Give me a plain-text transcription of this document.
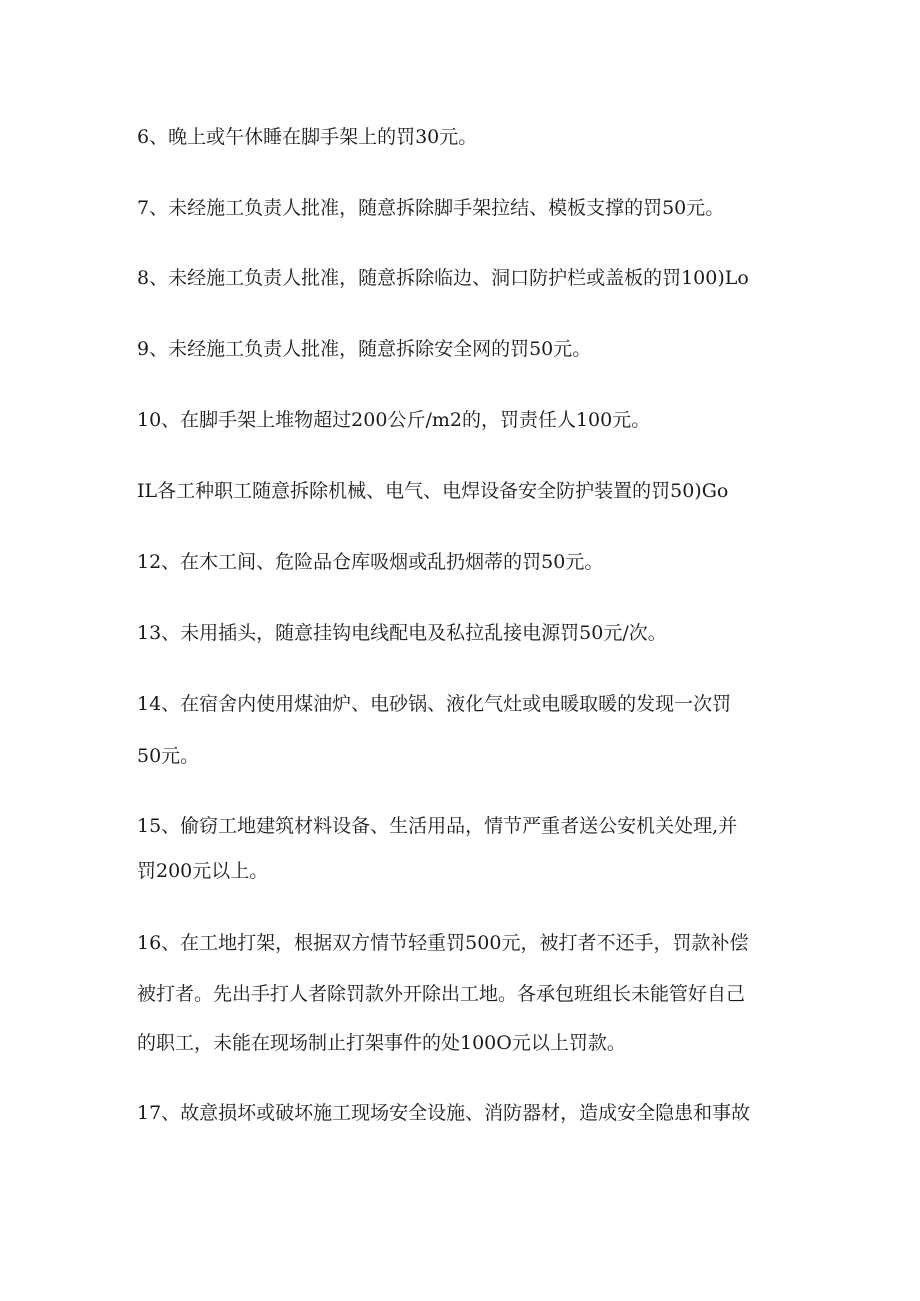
6、晚上或午休睡在脚手架上的罚30元。
7、未经施工负责人批准，随意拆除脚手架拉结、模板支撑的罚50元。
8、未经施工负责人批准，随意拆除临边、洞口防护栏或盖板的罚100)Lo
9、未经施工负责人批准，随意拆除安全网的罚50元。
10、在脚手架上堆物超过200公斤/m2的，罚责任人100元。
IL各工种职工随意拆除机械、电气、电焊设备安全防护装置的罚50)Go
12、在木工间、危险品仓库吸烟或乱扔烟蒂的罚50元。
13、未用插头，随意挂钩电线配电及私拉乱接电源罚50元/次。
14、在宿舍内使用煤油炉、电砂锅、液化气灶或电暖取暖的发现一次罚
50元。
15、偷窃工地建筑材料设备、生活用品，情节严重者送公安机关处理,并
罚200元以上。
16、在工地打架，根据双方情节轻重罚500元，被打者不还手，罚款补偿
被打者。先出手打人者除罚款外开除出工地。各承包班组长未能管好自己
的职工，未能在现场制止打架事件的处100O元以上罚款。
17、故意损坏或破坏施工现场安全设施、消防器材，造成安全隐患和事故
